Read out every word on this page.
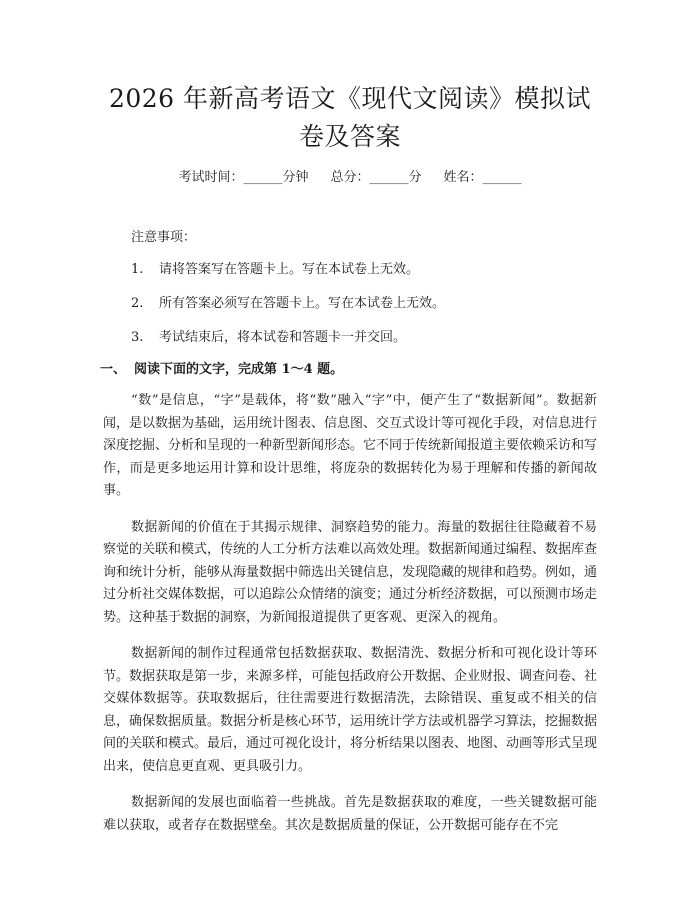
2026 年新高考语文《现代文阅读》模拟试卷及答案
考试时间：______分钟 总分：______分 姓名：______
注意事项：
1. 请将答案写在答题卡上。写在本试卷上无效。
2. 所有答案必须写在答题卡上。写在本试卷上无效。
3. 考试结束后，将本试卷和答题卡一并交回。
一、 阅读下面的文字，完成第 1～4 题。

“数”是信息，“字”是载体，将“数”融入“字”中，便产生了“数据新闻”。数据新闻，是以数据为基础，运用统计图表、信息图、交互式设计等可视化手段，对信息进行深度挖掘、分析和呈现的一种新型新闻形态。它不同于传统新闻报道主要依赖采访和写作，而是更多地运用计算和设计思维，将庞杂的数据转化为易于理解和传播的新闻故事。

数据新闻的价值在于其揭示规律、洞察趋势的能力。海量的数据往往隐藏着不易察觉的关联和模式，传统的人工分析方法难以高效处理。数据新闻通过编程、数据库查询和统计分析，能够从海量数据中筛选出关键信息，发现隐藏的规律和趋势。例如，通过分析社交媒体数据，可以追踪公众情绪的演变；通过分析经济数据，可以预测市场走势。这种基于数据的洞察，为新闻报道提供了更客观、更深入的视角。

数据新闻的制作过程通常包括数据获取、数据清洗、数据分析和可视化设计等环节。数据获取是第一步，来源多样，可能包括政府公开数据、企业财报、调查问卷、社交媒体数据等。获取数据后，往往需要进行数据清洗，去除错误、重复或不相关的信息，确保数据质量。数据分析是核心环节，运用统计学方法或机器学习算法，挖掘数据间的关联和模式。最后，通过可视化设计，将分析结果以图表、地图、动画等形式呈现出来，使信息更直观、更具吸引力。

数据新闻的发展也面临着一些挑战。首先是数据获取的难度，一些关键数据可能难以获取，或者存在数据壁垒。其次是数据质量的保证，公开数据可能存在不完
